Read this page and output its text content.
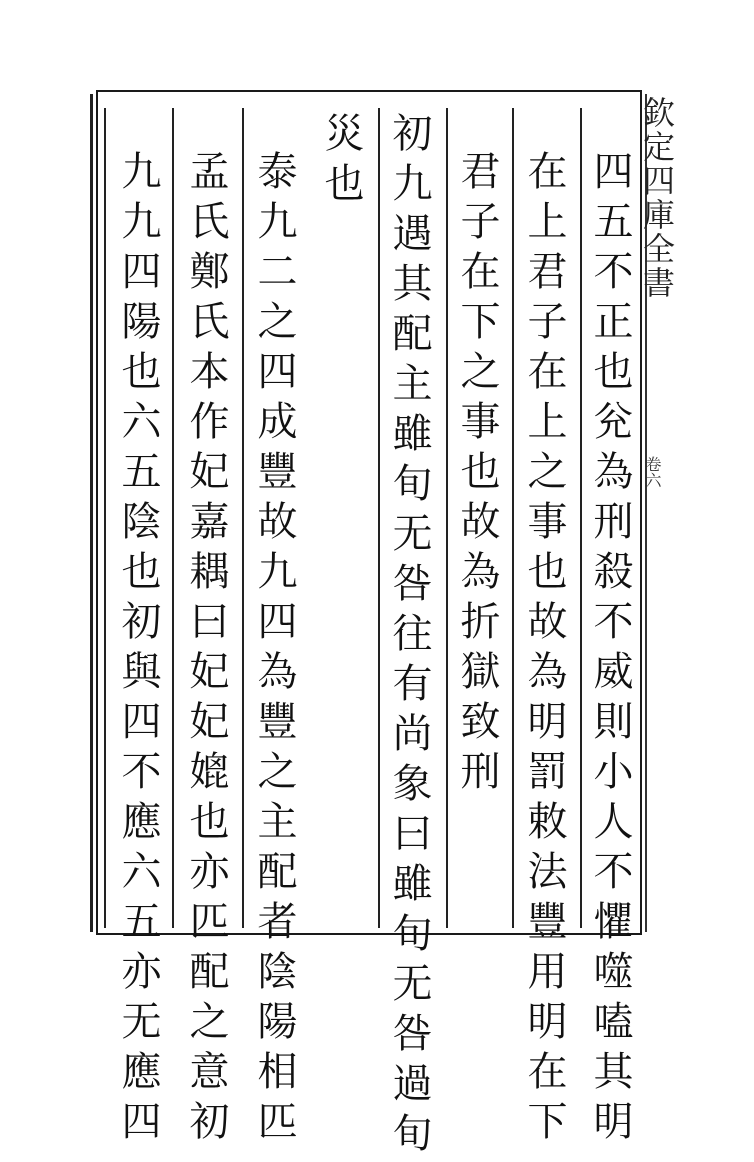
四五不正也兊為刑殺不威則小人不懼噬嗑其明
在上君子在上之事也故為明罰敕法豐用明在下
君子在下之事也故為折獄致刑
初九遇其配主雖旬无咎往有尚象曰雖旬无咎過旬
災也
泰九二之四成豐故九四為豐之主配者陰陽相匹
孟氏鄭氏本作妃嘉耦曰妃妃媲也亦匹配之意初
九九四陽也六五陰也初與四不應六五亦无應四	欽定四庫全書
卷六
